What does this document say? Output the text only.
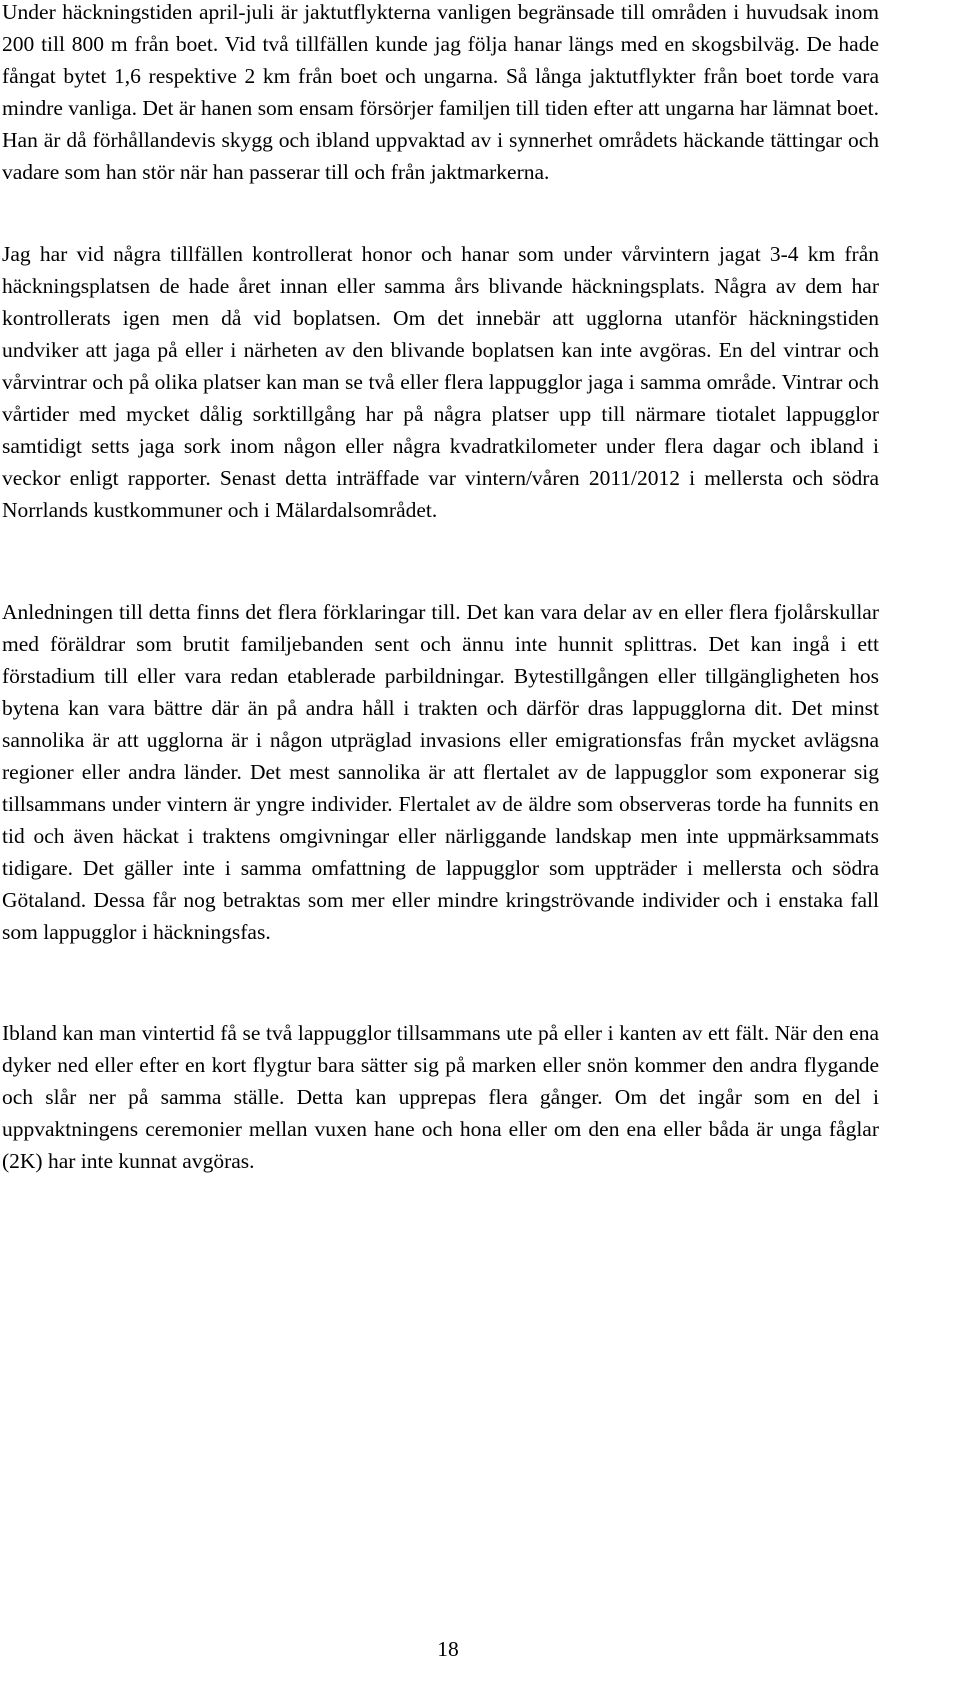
Under häckningstiden april-juli är jaktutflykterna vanligen begränsade till områden i huvudsak inom 200 till 800 m från boet. Vid två tillfällen kunde jag följa hanar längs med en skogsbilväg. De hade fångat bytet 1,6 respektive 2 km från boet och ungarna. Så långa jaktutflykter från boet torde vara mindre vanliga. Det är hanen som ensam försörjer familjen till tiden efter att ungarna har lämnat boet. Han är då förhållandevis skygg och ibland uppvaktad av i synnerhet områdets häckande tättingar och vadare som han stör när han passerar till och från jaktmarkerna.

Jag har vid några tillfällen kontrollerat honor och hanar som under vårvintern jagat 3-4 km från häckningsplatsen de hade året innan eller samma års blivande häckningsplats. Några av dem har kontrollerats igen men då vid boplatsen. Om det innebär att ugglorna utanför häckningstiden undviker att jaga på eller i närheten av den blivande boplatsen kan inte avgöras. En del vintrar och vårvintrar och på olika platser kan man se två eller flera lappugglor jaga i samma område. Vintrar och vårtider med mycket dålig sorktillgång har på några platser upp till närmare tiotalet lappugglor samtidigt setts jaga sork inom någon eller några kvadratkilometer under flera dagar och ibland i veckor enligt rapporter. Senast detta inträffade var vintern/våren 2011/2012 i mellersta och södra Norrlands kustkommuner och i Mälardalsområdet.

Anledningen till detta finns det flera förklaringar till. Det kan vara delar av en eller flera fjolårskullar med föräldrar som brutit familjebanden sent och ännu inte hunnit splittras. Det kan ingå i ett förstadium till eller vara redan etablerade parbildningar. Bytestillgången eller tillgängligheten hos bytena kan vara bättre där än på andra håll i trakten och därför dras lappugglorna dit. Det minst sannolika är att ugglorna är i någon utpräglad invasions eller emigrationsfas från mycket avlägsna regioner eller andra länder. Det mest sannolika är att flertalet av de lappugglor som exponerar sig tillsammans under vintern är yngre individer. Flertalet av de äldre som observeras torde ha funnits en tid och även häckat i traktens omgivningar eller närliggande landskap men inte uppmärksammats tidigare. Det gäller inte i samma omfattning de lappugglor som uppträder i mellersta och södra Götaland. Dessa får nog betraktas som mer eller mindre kringströvande individer och i enstaka fall som lappugglor i häckningsfas.

Ibland kan man vintertid få se två lappugglor tillsammans ute på eller i kanten av ett fält. När den ena dyker ned eller efter en kort flygtur bara sätter sig på marken eller snön kommer den andra flygande och slår ner på samma ställe. Detta kan upprepas flera gånger. Om det ingår som en del i uppvaktningens ceremonier mellan vuxen hane och hona eller om den ena eller båda är unga fåglar (2K) har inte kunnat avgöras.

18
